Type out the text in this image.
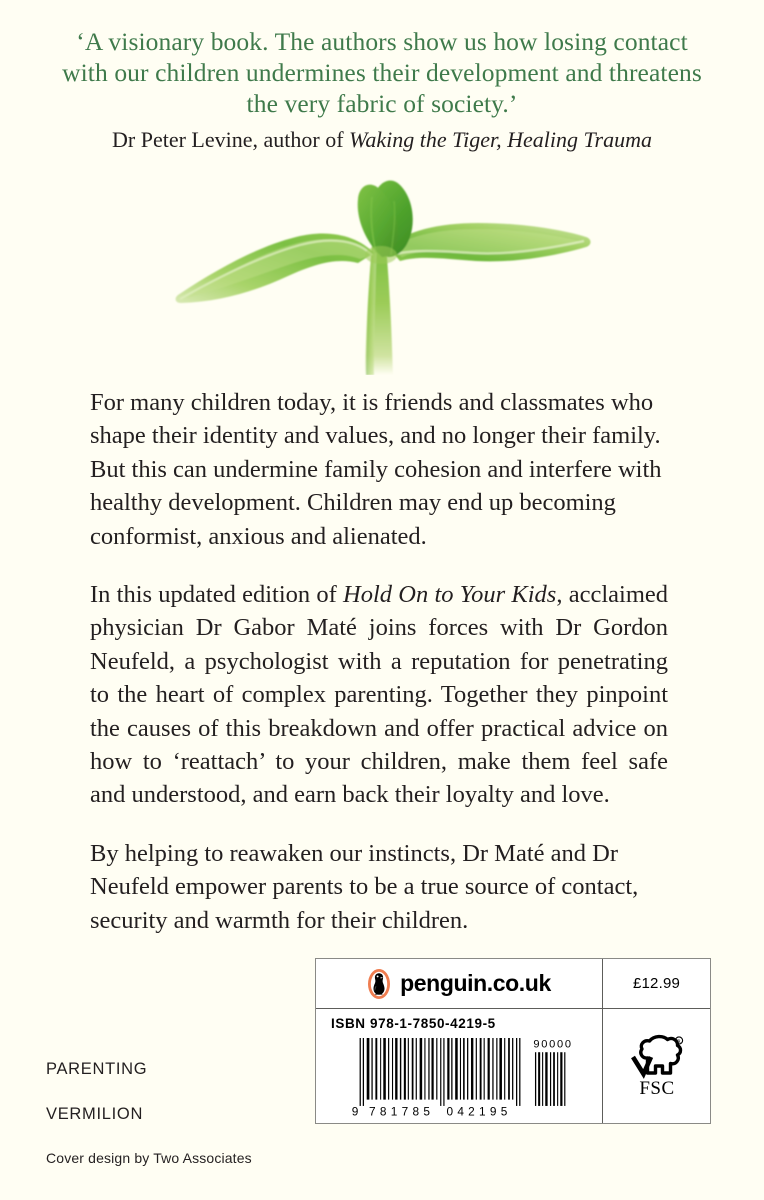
‘A visionary book. The authors show us how losing contact with our children undermines their development and threatens the very fabric of society.’

Dr Peter Levine, author of Waking the Tiger, Healing Trauma

For many children today, it is friends and classmates who shape their identity and values, and no longer their family. But this can undermine family cohesion and interfere with healthy development. Children may end up becoming conformist, anxious and alienated.

In this updated edition of Hold On to Your Kids, acclaimed physician Dr Gabor Maté joins forces with Dr Gordon Neufeld, a psychologist with a reputation for penetrating to the heart of complex parenting. Together they pinpoint the causes of this breakdown and offer practical advice on how to ‘reattach’ to your children, make them feel safe and understood, and earn back their loyalty and love.

By helping to reawaken our instincts, Dr Maté and Dr Neufeld empower parents to be a true source of contact, security and warmth for their children.

PARENTING

VERMILION

Cover design by Two Associates

penguin.co.uk
ISBN 978-1-7850-4219-5
9 781785 042195
90000
£12.99
R
FSC
